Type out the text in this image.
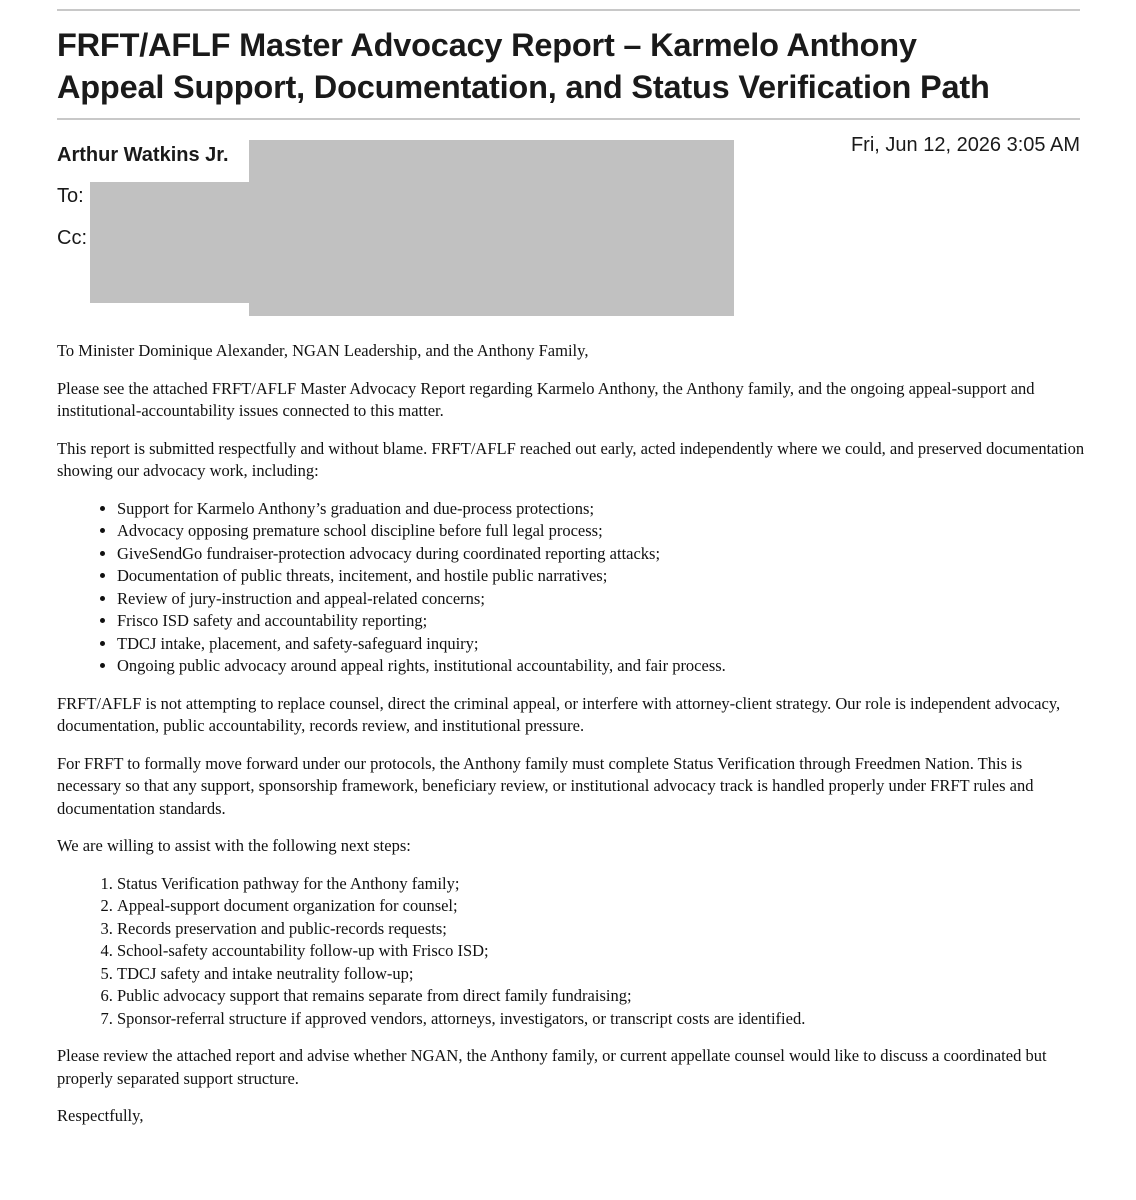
FRFT/AFLF Master Advocacy Report – Karmelo Anthony
Appeal Support, Documentation, and Status Verification Path
Arthur Watkins Jr.	Fri, Jun 12, 2026 3:05 AM
To:
Cc:

To Minister Dominique Alexander, NGAN Leadership, and the Anthony Family,

Please see the attached FRFT/AFLF Master Advocacy Report regarding Karmelo Anthony, the Anthony family, and the ongoing appeal-support and institutional-accountability issues connected to this matter.

This report is submitted respectfully and without blame. FRFT/AFLF reached out early, acted independently where we could, and preserved documentation showing our advocacy work, including:

• Support for Karmelo Anthony’s graduation and due-process protections;
• Advocacy opposing premature school discipline before full legal process;
• GiveSendGo fundraiser-protection advocacy during coordinated reporting attacks;
• Documentation of public threats, incitement, and hostile public narratives;
• Review of jury-instruction and appeal-related concerns;
• Frisco ISD safety and accountability reporting;
• TDCJ intake, placement, and safety-safeguard inquiry;
• Ongoing public advocacy around appeal rights, institutional accountability, and fair process.

FRFT/AFLF is not attempting to replace counsel, direct the criminal appeal, or interfere with attorney-client strategy. Our role is independent advocacy, documentation, public accountability, records review, and institutional pressure.

For FRFT to formally move forward under our protocols, the Anthony family must complete Status Verification through Freedmen Nation. This is necessary so that any support, sponsorship framework, beneficiary review, or institutional advocacy track is handled properly under FRFT rules and documentation standards.

We are willing to assist with the following next steps:

1. Status Verification pathway for the Anthony family;
2. Appeal-support document organization for counsel;
3. Records preservation and public-records requests;
4. School-safety accountability follow-up with Frisco ISD;
5. TDCJ safety and intake neutrality follow-up;
6. Public advocacy support that remains separate from direct family fundraising;
7. Sponsor-referral structure if approved vendors, attorneys, investigators, or transcript costs are identified.

Please review the attached report and advise whether NGAN, the Anthony family, or current appellate counsel would like to discuss a coordinated but properly separated support structure.

Respectfully,
